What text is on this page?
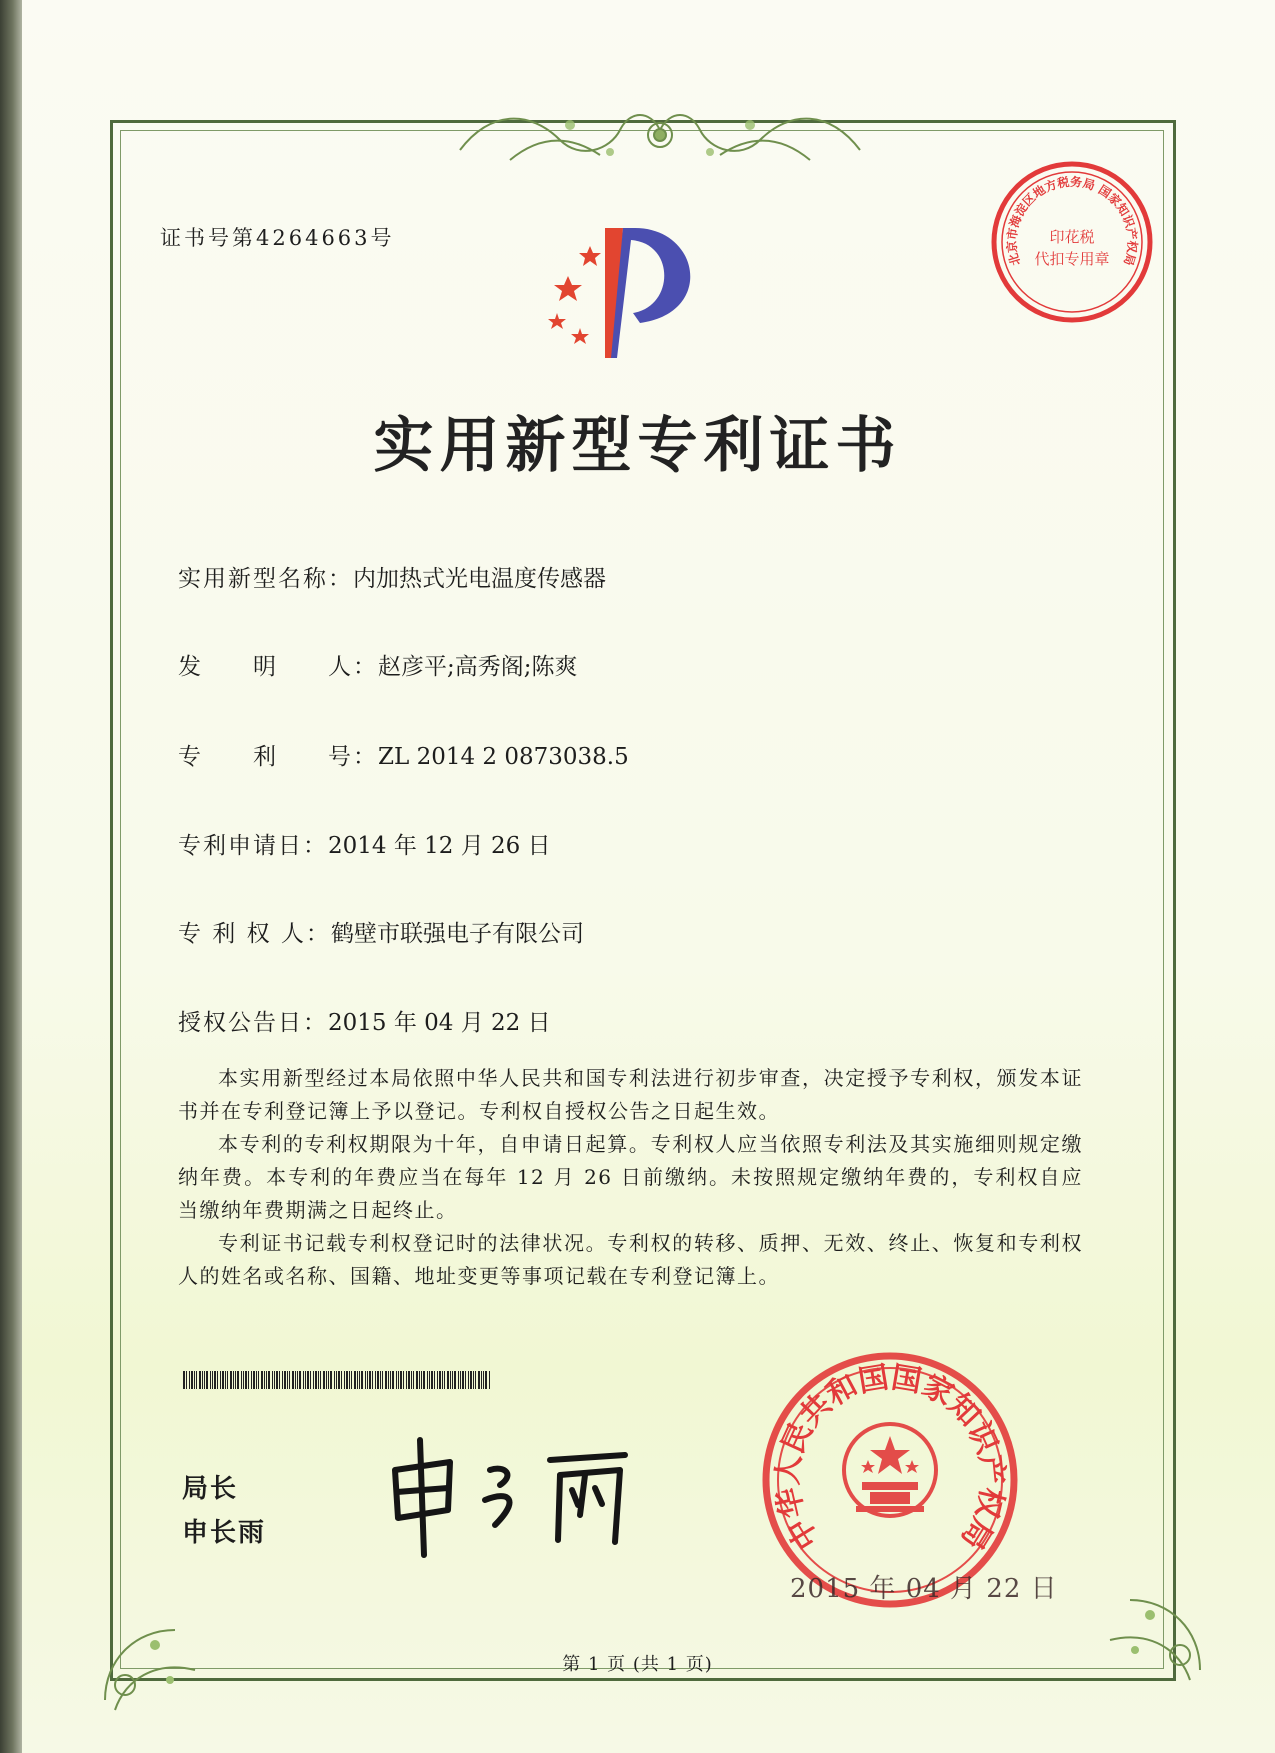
证书号第4264663号	印花税
代扣专用章
北京市海淀区地方税务局 国家知识产权局
实用新型专利证书
实用新型名称：内加热式光电温度传感器
发　　明　　人：赵彦平;高秀阁;陈爽
专　　利　　号：ZL 2014 2 0873038.5
专利申请日：2014 年 12 月 26 日
专 利 权 人：鹤壁市联强电子有限公司
授权公告日：2015 年 04 月 22 日

本实用新型经过本局依照中华人民共和国专利法进行初步审查，决定授予专利权，颁发本证书并在专利登记簿上予以登记。专利权自授权公告之日起生效。

本专利的专利权期限为十年，自申请日起算。专利权人应当依照专利法及其实施细则规定缴纳年费。本专利的年费应当在每年 12 月 26 日前缴纳。未按照规定缴纳年费的，专利权自应当缴纳年费期满之日起终止。

专利证书记载专利权登记时的法律状况。专利权的转移、质押、无效、终止、恢复和专利权人的姓名或名称、国籍、地址变更等事项记载在专利登记簿上。

局长
申长雨	中华人民共和国国家知识产权局
2015 年 04 月 22 日
第 1 页 (共 1 页)
